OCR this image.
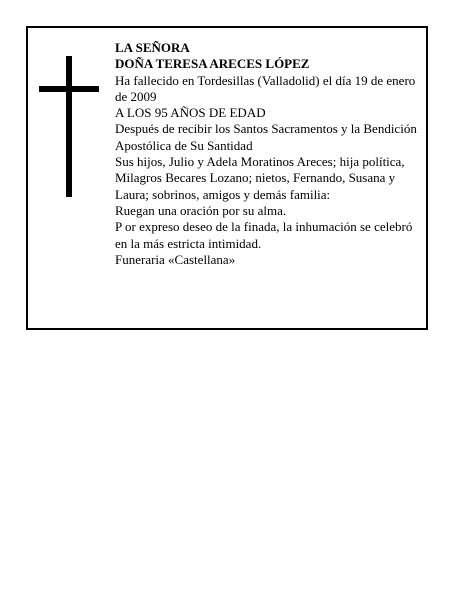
LA SEÑORA

DOÑA TERESA ARECES LÓPEZ

Ha fallecido en Tordesillas (Valladolid) el día 19 de enero de 2009

A LOS 95 AÑOS DE EDAD

Después de recibir los Santos Sacramentos y la Bendición Apostólica de Su Santidad

Sus hijos, Julio y Adela Moratinos Areces; hija política, Milagros Becares Lozano; nietos, Fernando, Susana y Laura; sobrinos, amigos y demás familia:

Ruegan una oración por su alma.

P or expreso deseo de la finada, la inhumación se celebró en la más estricta intimidad.

Funeraria «Castellana»
